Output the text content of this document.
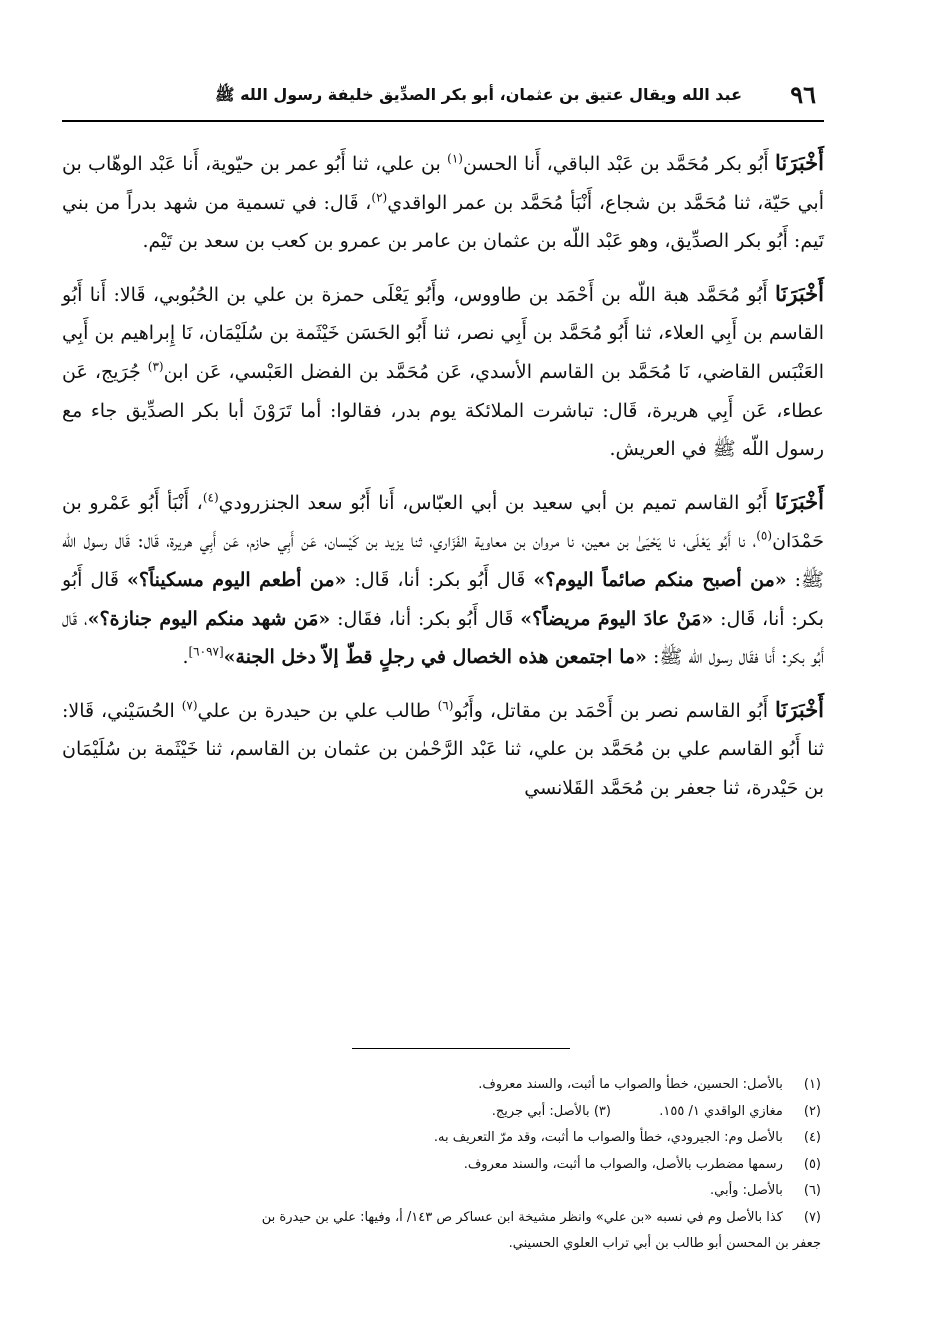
٩٦
عبد الله ويقال عتيق بن عثمان، أبو بكر الصدِّيق خليفة رسول الله ﷺ

أَخْبَرَنَا أَبُو بكر مُحَمَّد بن عَبْد الباقي، أَنا الحسن$^{(١)}$ بن علي، ثنا أَبُو عمر بن حيّوية، أَنا عَبْد الوهّاب بن أبي حَيّة، ثنا مُحَمَّد بن شجاع، أَنْبَأ مُحَمَّد بن عمر الواقدي$^{(٢)}$، قَال: في تسمية من شهد بدراً من بني تَيم: أَبُو بكر الصدِّيق، وهو عَبْد اللّه بن عثمان بن عامر بن عمرو بن كعب بن سعد بن تَيْم.

أَخْبَرَنَا أَبُو مُحَمَّد هبة اللّه بن أَحْمَد بن طاووس، وأَبُو يَعْلَى حمزة بن علي بن الحُبُوبي، قَالا: أَنا أَبُو القاسم بن أَبِي العلاء، ثنا أَبُو مُحَمَّد بن أَبِي نصر، ثنا أَبُو الحَسَن خَيْثَمة بن سُلَيْمَان، نَا إِبراهيم بن أَبِي العَنْبَس القاضي، نَا مُحَمَّد بن القاسم الأسدي، عَن مُحَمَّد بن الفضل العَبْسي، عَن ابن$^{(٣)}$ جُرَيج، عَن عطاء، عَن أَبِي هريرة، قَال: تباشرت الملائكة يوم بدر، فقالوا: أما تَرَوْنَ أبا بكر الصدِّيق جاء مع رسول اللّه ﷺ في العريش.

أَخْبَرَنَا أَبُو القاسم تميم بن أبي سعيد بن أبي العبّاس، أَنا أَبُو سعد الجنزرودي$^{(٤)}$، أَنْبَأ أَبُو عَمْرو بن حَمْدَان$^{(٥)}$، نا أَبُو يَعْلَى، نا يَحْيَىٰ بن معين، نا مروان بن معاوية الفَزَاري، ثنا يزيد بن كَيْسان، عَن أَبِي حازم، عَن أَبِي هريرة، قَال: قَال رسول اللّه ﷺ: «من أصبح منكم صائماً اليوم؟» قَال أَبُو بكر: أنا، قَال: «من أطعم اليوم مسكيناً؟» قَال أَبُو بكر: أنا، قَال: «مَنْ عادَ اليومَ مريضاً؟» قَال أَبُو بكر: أنا، فقَال: «مَن شهد منكم اليوم جنازة؟»، قَال أَبُو بكر: أَنا فقَال رسول اللّه ﷺ: «ما اجتمعن هذه الخصال في رجلٍ قطّ إلاّ دخل الجنة»[٦٠٩٧].

أَخْبَرَنَا أَبُو القاسم نصر بن أَحْمَد بن مقاتل، وأَبُو$^{(٦)}$ طالب علي بن حيدرة بن علي$^{(٧)}$ الحُسَيْني، قَالا: ثنا أَبُو القاسم علي بن مُحَمَّد بن علي، ثنا عَبْد الرَّحْمٰن بن عثمان بن القاسم، ثنا خَيْثَمة بن سُلَيْمَان بن حَيْدرة، ثنا جعفر بن مُحَمَّد القَلانسي

(١) بالأصل: الحسين، خطأ والصواب ما أثبت، والسند معروف.
(٢) مغازي الواقدي ١/ ١٥٥.  (٣) بالأصل: أبي جريج.
(٤) بالأصل وم: الجيرودي، خطأ والصواب ما أثبت، وقد مرّ التعريف به.
(٥) رسمها مضطرب بالأصل، والصواب ما أثبت، والسند معروف.
(٦) بالأصل: وأبي.
(٧) كذا بالأصل وم في نسبه «بن علي» وانظر مشيخة ابن عساكر ص ١٤٣/ أ، وفيها: علي بن حيدرة بن
جعفر بن المحسن أبو طالب بن أبي تراب العلوي الحسيني.
